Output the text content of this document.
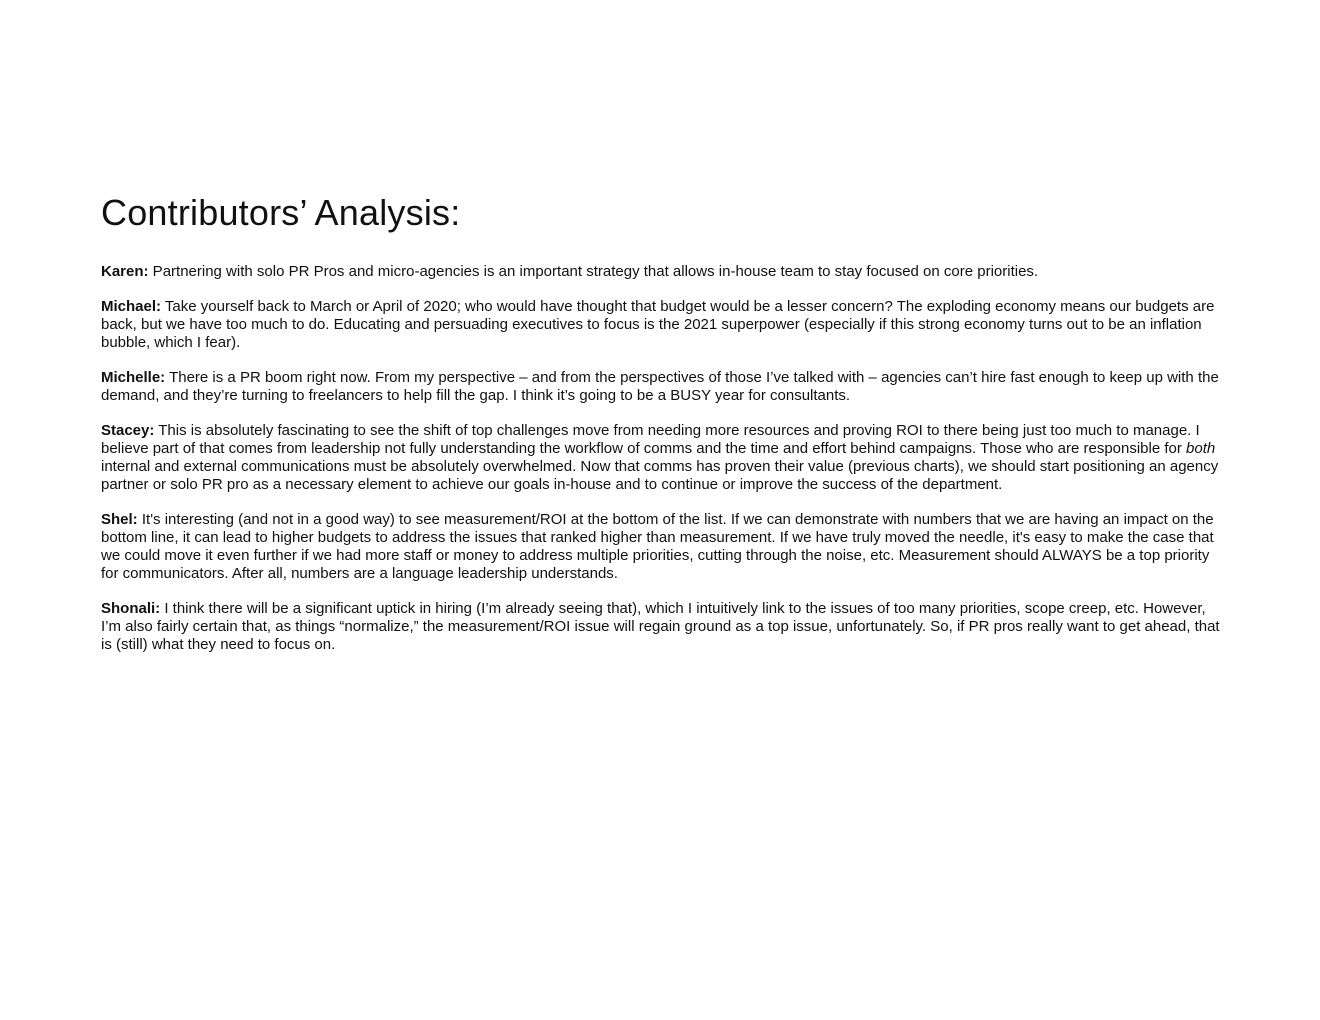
Contributors’ Analysis:

Karen: Partnering with solo PR Pros and micro-agencies is an important strategy that allows in-house team to stay focused on core priorities.

Michael: Take yourself back to March or April of 2020; who would have thought that budget would be a lesser concern? The exploding economy means our budgets are back, but we have too much to do. Educating and persuading executives to focus is the 2021 superpower (especially if this strong economy turns out to be an inflation bubble, which I fear).

Michelle: There is a PR boom right now. From my perspective – and from the perspectives of those I’ve talked with – agencies can’t hire fast enough to keep up with the demand, and they’re turning to freelancers to help fill the gap. I think it’s going to be a BUSY year for consultants.

Stacey: This is absolutely fascinating to see the shift of top challenges move from needing more resources and proving ROI to there being just too much to manage. I believe part of that comes from leadership not fully understanding the workflow of comms and the time and effort behind campaigns. Those who are responsible for both internal and external communications must be absolutely overwhelmed. Now that comms has proven their value (previous charts), we should start positioning an agency partner or solo PR pro as a necessary element to achieve our goals in-house and to continue or improve the success of the department.

Shel: It's interesting (and not in a good way) to see measurement/ROI at the bottom of the list. If we can demonstrate with numbers that we are having an impact on the bottom line, it can lead to higher budgets to address the issues that ranked higher than measurement. If we have truly moved the needle, it's easy to make the case that we could move it even further if we had more staff or money to address multiple priorities, cutting through the noise, etc. Measurement should ALWAYS be a top priority for communicators. After all, numbers are a language leadership understands.

Shonali: I think there will be a significant uptick in hiring (I’m already seeing that), which I intuitively link to the issues of too many priorities, scope creep, etc. However, I’m also fairly certain that, as things “normalize,” the measurement/ROI issue will regain ground as a top issue, unfortunately. So, if PR pros really want to get ahead, that is (still) what they need to focus on.
